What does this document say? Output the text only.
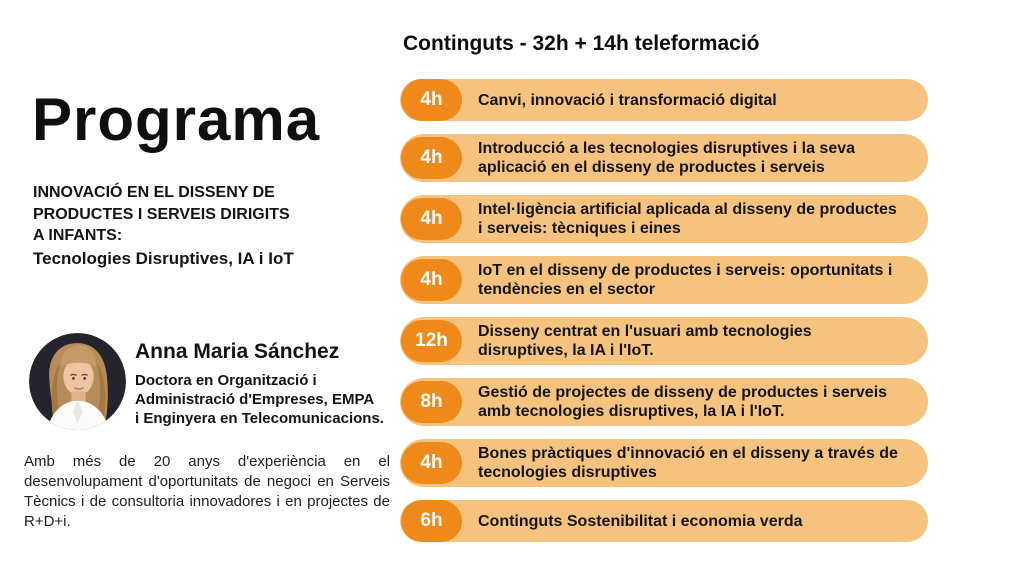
Programa
INNOVACIÓ EN EL DISSENY DE
PRODUCTES I SERVEIS DIRIGITS
A INFANTS:
Tecnologies Disruptives, IA i IoT
Anna Maria Sánchez
Doctora en Organització i
Administració d'Empreses, EMPA
i Enginyera en Telecomunicacions.

Amb més de 20 anys d'experiència en el desenvolupament d'oportunitats de negoci en Serveis Tècnics i de consultoria innovadores i en projectes de R+D+i.

Continguts - 32h + 14h teleformació
4h Canvi, innovació i transformació digital
4h Introducció a les tecnologies disruptives i la seva aplicació en el disseny de productes i serveis
4h Intel·ligència artificial aplicada al disseny de productes i serveis: tècniques i eines
4h IoT en el disseny de productes i serveis: oportunitats i tendències en el sector
12h Disseny centrat en l'usuari amb tecnologies disruptives, la IA i l'IoT.
8h Gestió de projectes de disseny de productes i serveis amb tecnologies disruptives, la IA i l'IoT.
4h Bones pràctiques d'innovació en el disseny a través de tecnologies disruptives
6h Continguts Sostenibilitat i economia verda
